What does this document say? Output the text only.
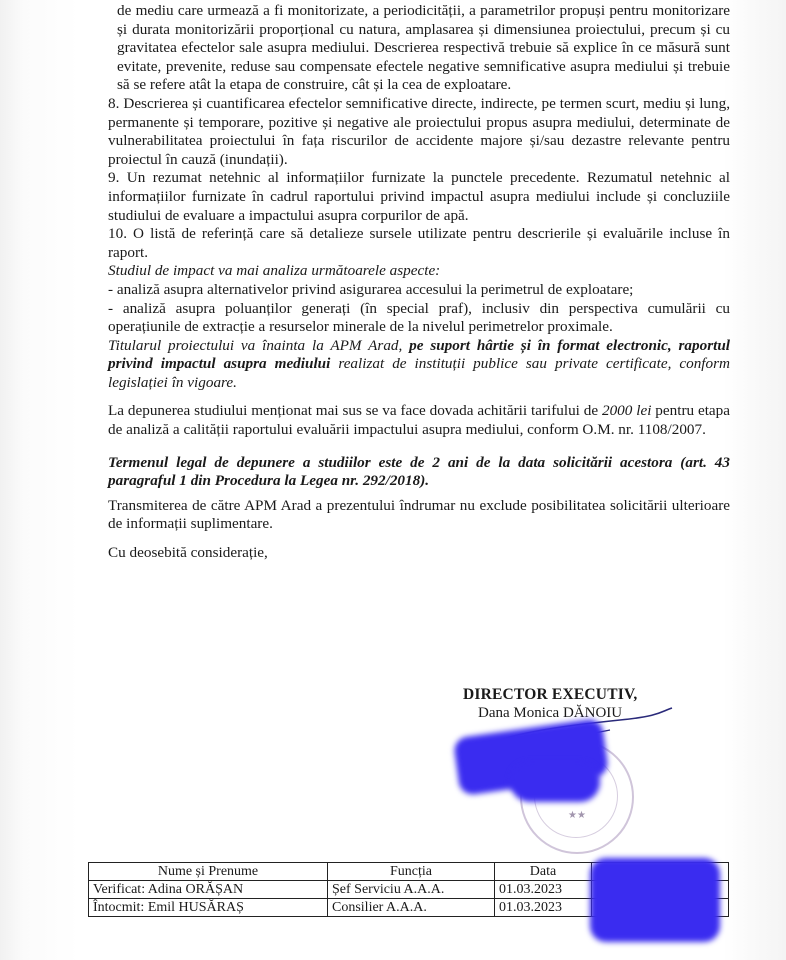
de mediu care urmează a fi monitorizate, a periodicității, a parametrilor propuși pentru monitorizare și durata monitorizării proporțional cu natura, amplasarea și dimensiunea proiectului, precum și cu gravitatea efectelor sale asupra mediului. Descrierea respectivă trebuie să explice în ce măsură sunt evitate, prevenite, reduse sau compensate efectele negative semnificative asupra mediului și trebuie să se refere atât la etapa de construire, cât și la cea de exploatare.

8. Descrierea și cuantificarea efectelor semnificative directe, indirecte, pe termen scurt, mediu și lung, permanente și temporare, pozitive și negative ale proiectului propus asupra mediului, determinate de vulnerabilitatea proiectului în fața riscurilor de accidente majore și/sau dezastre relevante pentru proiectul în cauză (inundații).

9. Un rezumat netehnic al informațiilor furnizate la punctele precedente. Rezumatul netehnic al informațiilor furnizate în cadrul raportului privind impactul asupra mediului include și concluziile studiului de evaluare a impactului asupra corpurilor de apă.

10. O listă de referință care să detalieze sursele utilizate pentru descrierile și evaluările incluse în raport.

Studiul de impact va mai analiza următoarele aspecte:

- analiză asupra alternativelor privind asigurarea accesului la perimetrul de exploatare;

- analiză asupra poluanților generați (în special praf), inclusiv din perspectiva cumulării cu operațiunile de extracție a resurselor minerale de la nivelul perimetrelor proximale.

Titularul proiectului va înainta la APM Arad, pe suport hârtie și în format electronic, raportul privind impactul asupra mediului realizat de instituții publice sau private certificate, conform legislației în vigoare.

La depunerea studiului menționat mai sus se va face dovada achitării tarifului de 2000 lei pentru etapa de analiză a calității raportului evaluării impactului asupra mediului, conform O.M. nr. 1108/2007.

Termenul legal de depunere a studiilor este de 2 ani de la data solicitării acestora (art. 43 paragraful 1 din Procedura la Legea nr. 292/2018).

Transmiterea de către APM Arad a prezentului îndrumar nu exclude posibilitatea solicitării ulterioare de informații suplimentare.

Cu deosebită considerație,

DIRECTOR EXECUTIV,
Dana Monica DĂNOIU
★★
Nume și Prenume	Funcția	Data	
Verificat: Adina ORĂȘAN	Șef Serviciu A.A.A.	01.03.2023	
Întocmit: Emil HUSĂRAȘ	Consilier A.A.A.	01.03.2023	
